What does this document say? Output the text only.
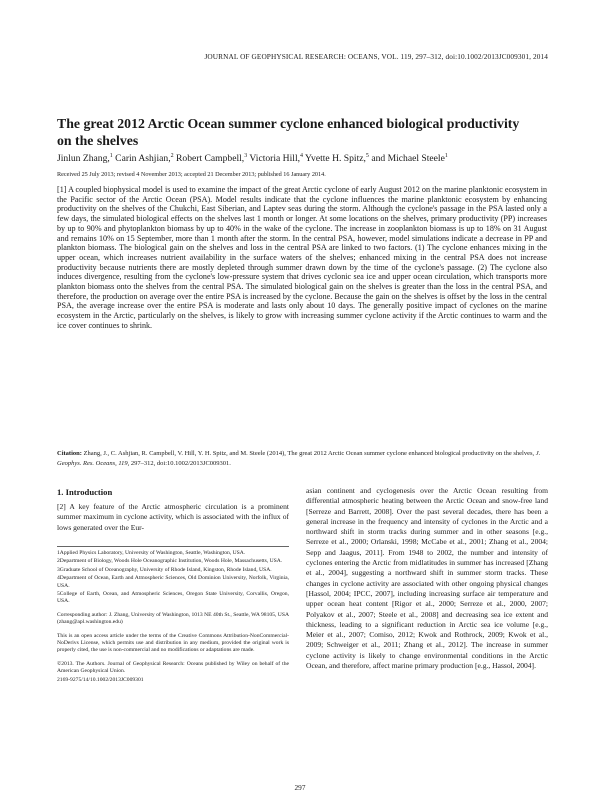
JOURNAL OF GEOPHYSICAL RESEARCH: OCEANS, VOL. 119, 297–312, doi:10.1002/2013JC009301, 2014
The great 2012 Arctic Ocean summer cyclone enhanced biological productivity on the shelves
Jinlun Zhang,$^1$ Carin Ashjian,$^2$ Robert Campbell,$^3$ Victoria Hill,$^4$ Yvette H. Spitz,$^5$ and Michael Steele$^1$
Received 25 July 2013; revised 4 November 2013; accepted 21 December 2013; published 16 January 2014.

[1] A coupled biophysical model is used to examine the impact of the great Arctic cyclone of early August 2012 on the marine planktonic ecosystem in the Pacific sector of the Arctic Ocean (PSA). Model results indicate that the cyclone influences the marine planktonic ecosystem by enhancing productivity on the shelves of the Chukchi, East Siberian, and Laptev seas during the storm. Although the cyclone's passage in the PSA lasted only a few days, the simulated biological effects on the shelves last 1 month or longer. At some locations on the shelves, primary productivity (PP) increases by up to 90% and phytoplankton biomass by up to 40% in the wake of the cyclone. The increase in zooplankton biomass is up to 18% on 31 August and remains 10% on 15 September, more than 1 month after the storm. In the central PSA, however, model simulations indicate a decrease in PP and plankton biomass. The biological gain on the shelves and loss in the central PSA are linked to two factors. (1) The cyclone enhances mixing in the upper ocean, which increases nutrient availability in the surface waters of the shelves; enhanced mixing in the central PSA does not increase productivity because nutrients there are mostly depleted through summer drawn down by the time of the cyclone's passage. (2) The cyclone also induces divergence, resulting from the cyclone's low-pressure system that drives cyclonic sea ice and upper ocean circulation, which transports more plankton biomass onto the shelves from the central PSA. The simulated biological gain on the shelves is greater than the loss in the central PSA, and therefore, the production on average over the entire PSA is increased by the cyclone. Because the gain on the shelves is offset by the loss in the central PSA, the average increase over the entire PSA is moderate and lasts only about 10 days. The generally positive impact of cyclones on the marine ecosystem in the Arctic, particularly on the shelves, is likely to grow with increasing summer cyclone activity if the Arctic continues to warm and the ice cover continues to shrink.

Citation: Zhang, J., C. Ashjian, R. Campbell, V. Hill, Y. H. Spitz, and M. Steele (2014), The great 2012 Arctic Ocean summer cyclone enhanced biological productivity on the shelves, J. Geophys. Res. Oceans, 119, 297–312, doi:10.1002/2013JC009301.
1. Introduction

[2] A key feature of the Arctic atmospheric circulation is a prominent summer maximum in cyclone activity, which is associated with the influx of lows generated over the Eur-

1Applied Physics Laboratory, University of Washington, Seattle, Washington, USA.

2Department of Biology, Woods Hole Oceanographic Institution, Woods Hole, Massachusetts, USA.

3Graduate School of Oceanography, University of Rhode Island, Kingston, Rhode Island, USA.

4Department of Ocean, Earth and Atmospheric Sciences, Old Dominion University, Norfolk, Virginia, USA.

5College of Earth, Ocean, and Atmospheric Sciences, Oregon State University, Corvallis, Oregon, USA.

Corresponding author: J. Zhang, University of Washington, 1013 NE 40th St., Seattle, WA 98105, USA (zhang@apl.washington.edu)

This is an open access article under the terms of the Creative Commons Attribution-NonCommercial-NoDerivs License, which permits use and distribution in any medium, provided the original work is properly cited, the use is non-commercial and no modifications or adaptations are made.

©2013. The Authors. Journal of Geophysical Research: Oceans published by Wiley on behalf of the American Geophysical Union.

2169-9275/14/10.1002/2013JC009301

asian continent and cyclogenesis over the Arctic Ocean resulting from differential atmospheric heating between the Arctic Ocean and snow-free land [Serreze and Barrett, 2008]. Over the past several decades, there has been a general increase in the frequency and intensity of cyclones in the Arctic and a northward shift in storm tracks during summer and in other seasons [e.g., Serreze et al., 2000; Orlanski, 1998; McCabe et al., 2001; Zhang et al., 2004; Sepp and Jaagus, 2011]. From 1948 to 2002, the number and intensity of cyclones entering the Arctic from midlatitudes in summer has increased [Zhang et al., 2004], suggesting a northward shift in summer storm tracks. These changes in cyclone activity are associated with other ongoing physical changes [Hassol, 2004; IPCC, 2007], including increasing surface air temperature and upper ocean heat content [Rigor et al., 2000; Serreze et al., 2000, 2007; Polyakov et al., 2007; Steele et al., 2008] and decreasing sea ice extent and thickness, leading to a significant reduction in Arctic sea ice volume [e.g., Meier et al., 2007; Comiso, 2012; Kwok and Rothrock, 2009; Kwok et al., 2009; Schweiger et al., 2011; Zhang et al., 2012]. The increase in summer cyclone activity is likely to change environmental conditions in the Arctic Ocean, and therefore, affect marine primary production [e.g., Hassol, 2004].

297
